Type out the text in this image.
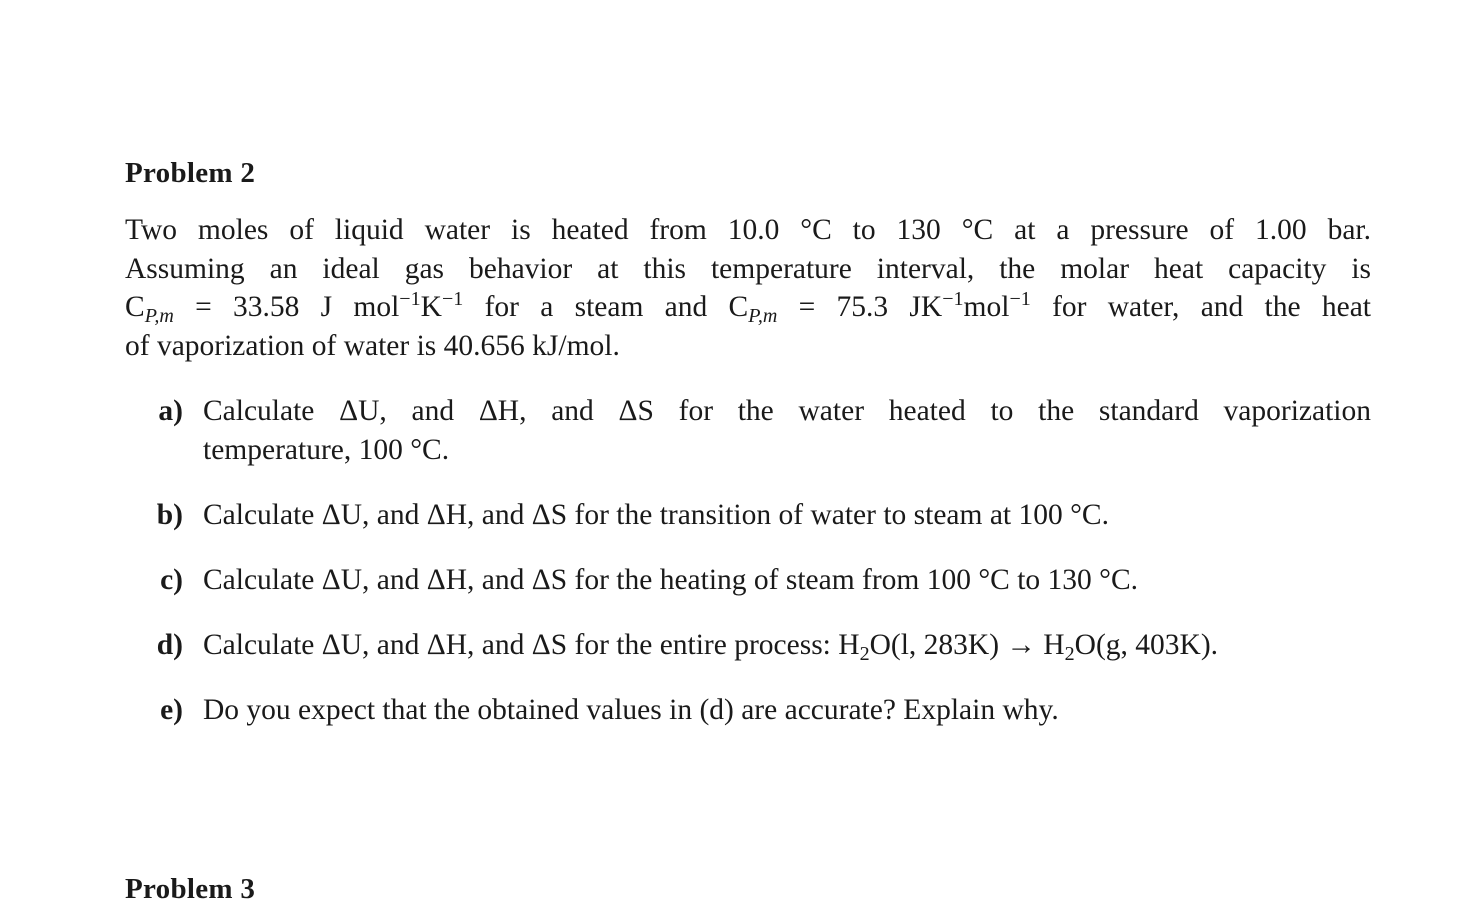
Problem 2
Two moles of liquid water is heated from 10.0 °C to 130 °C at a pressure of 1.00 bar.
Assuming an ideal gas behavior at this temperature interval, the molar heat capacity is
$C_{P,m} = 33.58$ J $mol^{-1}K^{-1}$ for a steam and $C_{P,m} = 75.3$ $JK^{-1}mol^{-1}$ for water, and the heat
of vaporization of water is 40.656 kJ/mol.
a) Calculate ΔU, and ΔH, and ΔS for the water heated to the standard vaporization
temperature, 100 °C.
b) Calculate ΔU, and ΔH, and ΔS for the transition of water to steam at 100 °C.
c) Calculate ΔU, and ΔH, and ΔS for the heating of steam from 100 °C to 130 °C.
d) Calculate ΔU, and ΔH, and ΔS for the entire process: $H_2O(l$, $283K) \to H_2O(g$, 403K).
e) Do you expect that the obtained values in (d) are accurate? Explain why.
Problem 3
